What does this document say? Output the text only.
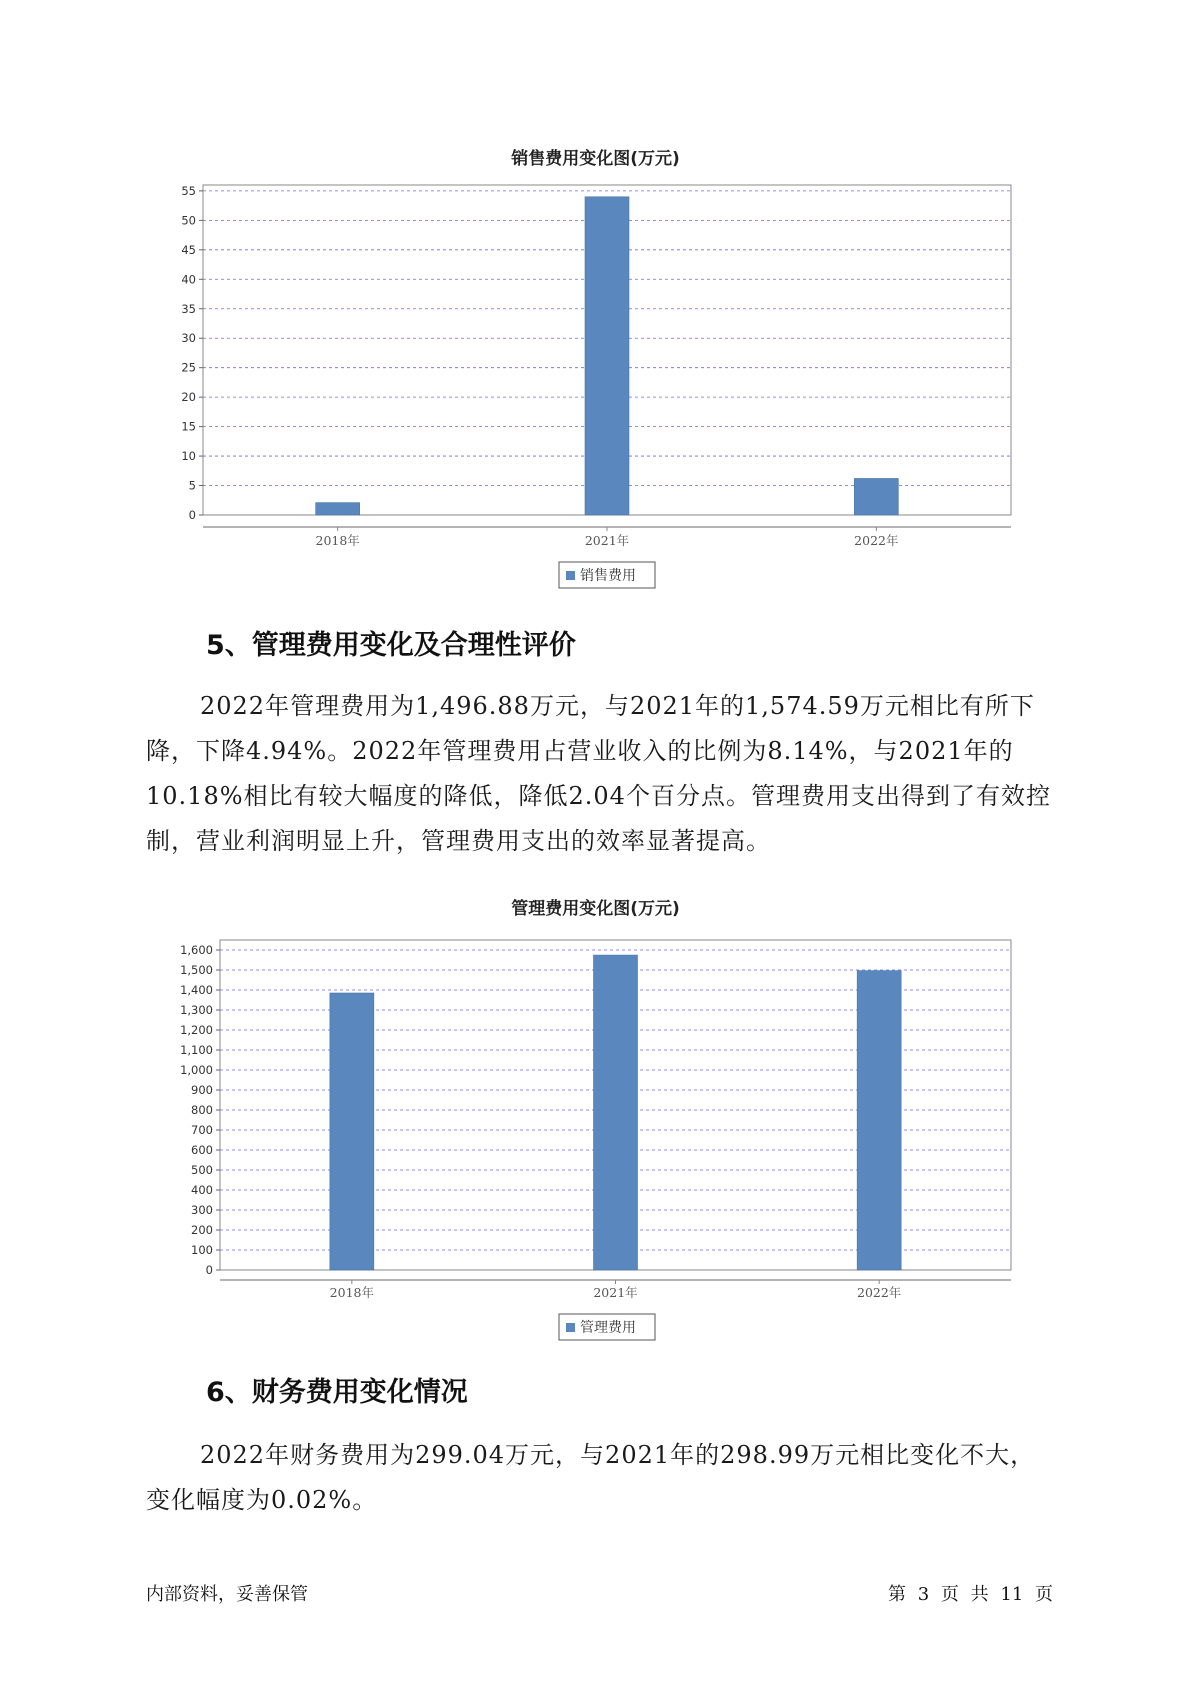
销售费用变化图(万元)
0
5
10
15
20
25
30
35
40
45
50
55
2018年	2021年	2022年
销售费用
5、管理费用变化及合理性评价

2022年管理费用为1,496.88万元，与2021年的1,574.59万元相比有所下降，下降4.94%。2022年管理费用占营业收入的比例为8.14%，与2021年的10.18%相比有较大幅度的降低，降低2.04个百分点。管理费用支出得到了有效控制，营业利润明显上升，管理费用支出的效率显著提高。

管理费用变化图(万元)
0
100
200
300
400
500
600
700
800
900
1,000
1,100
1,200
1,300
1,400
1,500
1,600
2018年	2021年	2022年
管理费用
6、财务费用变化情况

2022年财务费用为299.04万元，与2021年的298.99万元相比变化不大，变化幅度为0.02%。

内部资料，妥善保管	第 3 页 共 11 页
